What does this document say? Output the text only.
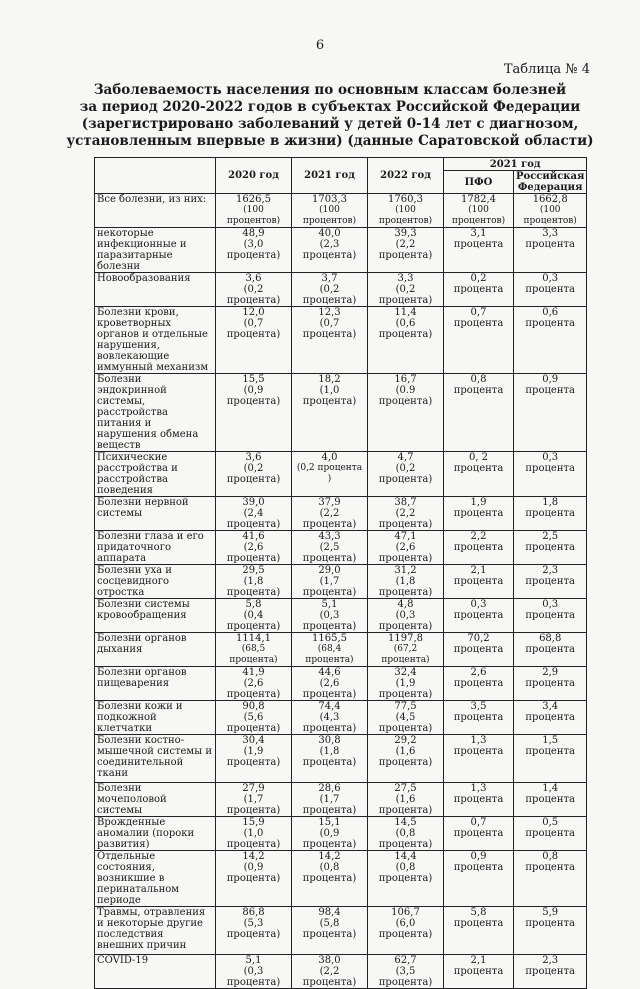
6
Таблица № 4
Заболеваемость населения по основным классам болезней
за период 2020-2022 годов в субъектах Российской Федерации
(зарегистрировано заболеваний у детей 0-14 лет с диагнозом,
установленным впервые в жизни) (данные Саратовской области)
	2020 год	2021 год	2022 год	2021 год	
				ПФО	Российская
Федерация

Все болезни, из них:	1626,5
(100 процентов)	1703,3
(100 процентов)	1760,3
(100 процентов)	1782,4
(100 процентов)	1662,8
(100 процентов)

некоторые инфекционные и паразитарные болезни	48,9
(3,0 процента)	40,0
(2,3 процента)	39,3
(2,2 процента)	3,1 процента	3,3 процента

Новообразования	3,6
(0,2 процента)	3,7
(0,2 процента)	3,3
(0,2 процента)	0,2 процента	0,3 процента

Болезни крови, кроветворных органов и отдельные нарушения, вовлекающие иммунный механизм	12,0
(0,7 процента)	12,3
(0,7 процента)	11,4
(0,6 процента)	0,7 процента	0,6 процента

Болезни эндокринной системы, расстройства питания и нарушения обмена веществ	15,5
(0,9 процента)	18,2
(1,0 процента)	16,7
(0.9 процента)	0,8 процента	0,9 процента

Психические расстройства и расстройства поведения	3,6
(0,2 процента)	4,0
(0,2 процента )	4,7
(0,2 процента)	0, 2 процента	0,3 процента

Болезни нервной системы	39,0
(2,4 процента)	37,9
(2,2 процента)	38,7
(2,2 процента)	1,9 процента	1,8 процента

Болезни глаза и его придаточного аппарата	41,6
(2,6 процента)	43,3
(2,5 процента)	47,1
(2,6 процента)	2,2 процента	2,5 процента

Болезни уха и сосцевидного отростка	29,5
(1,8 процента)	29,0
(1,7 процента)	31,2
(1,8 процента)	2,1 процента	2,3 процента

Болезни системы кровообращения	5,8
(0,4 процента)	5,1
(0,3 процента)	4,8
(0,3 процента)	0,3 процента	0,3 процента

Болезни органов дыхания	1114,1
(68,5 процента)	1165,5
(68,4 процента)	1197,8
(67,2 процента)	70,2 процента	68,8 процента

Болезни органов пищеварения	41,9
(2,6 процента)	44,6
(2,6 процента)	32,4
(1,9 процента)	2,6 процента	2,9 процента

Болезни кожи и подкожной клетчатки	90,8
(5,6 процента)	74,4
(4,3 процента)	77,5
(4,5 процента)	3,5 процента	3,4 процента

Болезни костно-мышечной системы и соединительной ткани	30,4
(1,9 процента)	30,8
(1,8 процента)	29,2
(1,6 процента)	1,3 процента	1,5 процента

Болезни мочеполовой системы	27,9
(1,7 процента)	28,6
(1,7 процента)	27,5
(1,6 процента)	1,3 процента	1,4 процента

Врожденные аномалии (пороки развития)	15,9
(1,0 процента)	15,1
(0,9 процента)	14,5
(0,8 процента)	0,7 процента	0,5 процента

Отдельные состояния, возникшие в перинатальном периоде	14,2
(0,9 процента)	14,2
(0,8 процента)	14,4
(0,8 процента)	0,9 процента	0,8 процента

Травмы, отравления и некоторые другие последствия внешних причин	86,8
(5,3 процента)	98,4
(5,8 процента)	106,7
(6,0 процента)	5,8 процента	5,9 процента

COVID-19	5,1
(0,3 процента)	38,0
(2,2 процента)	62,7
(3,5 процента)	2,1 процента	2,3 процента
